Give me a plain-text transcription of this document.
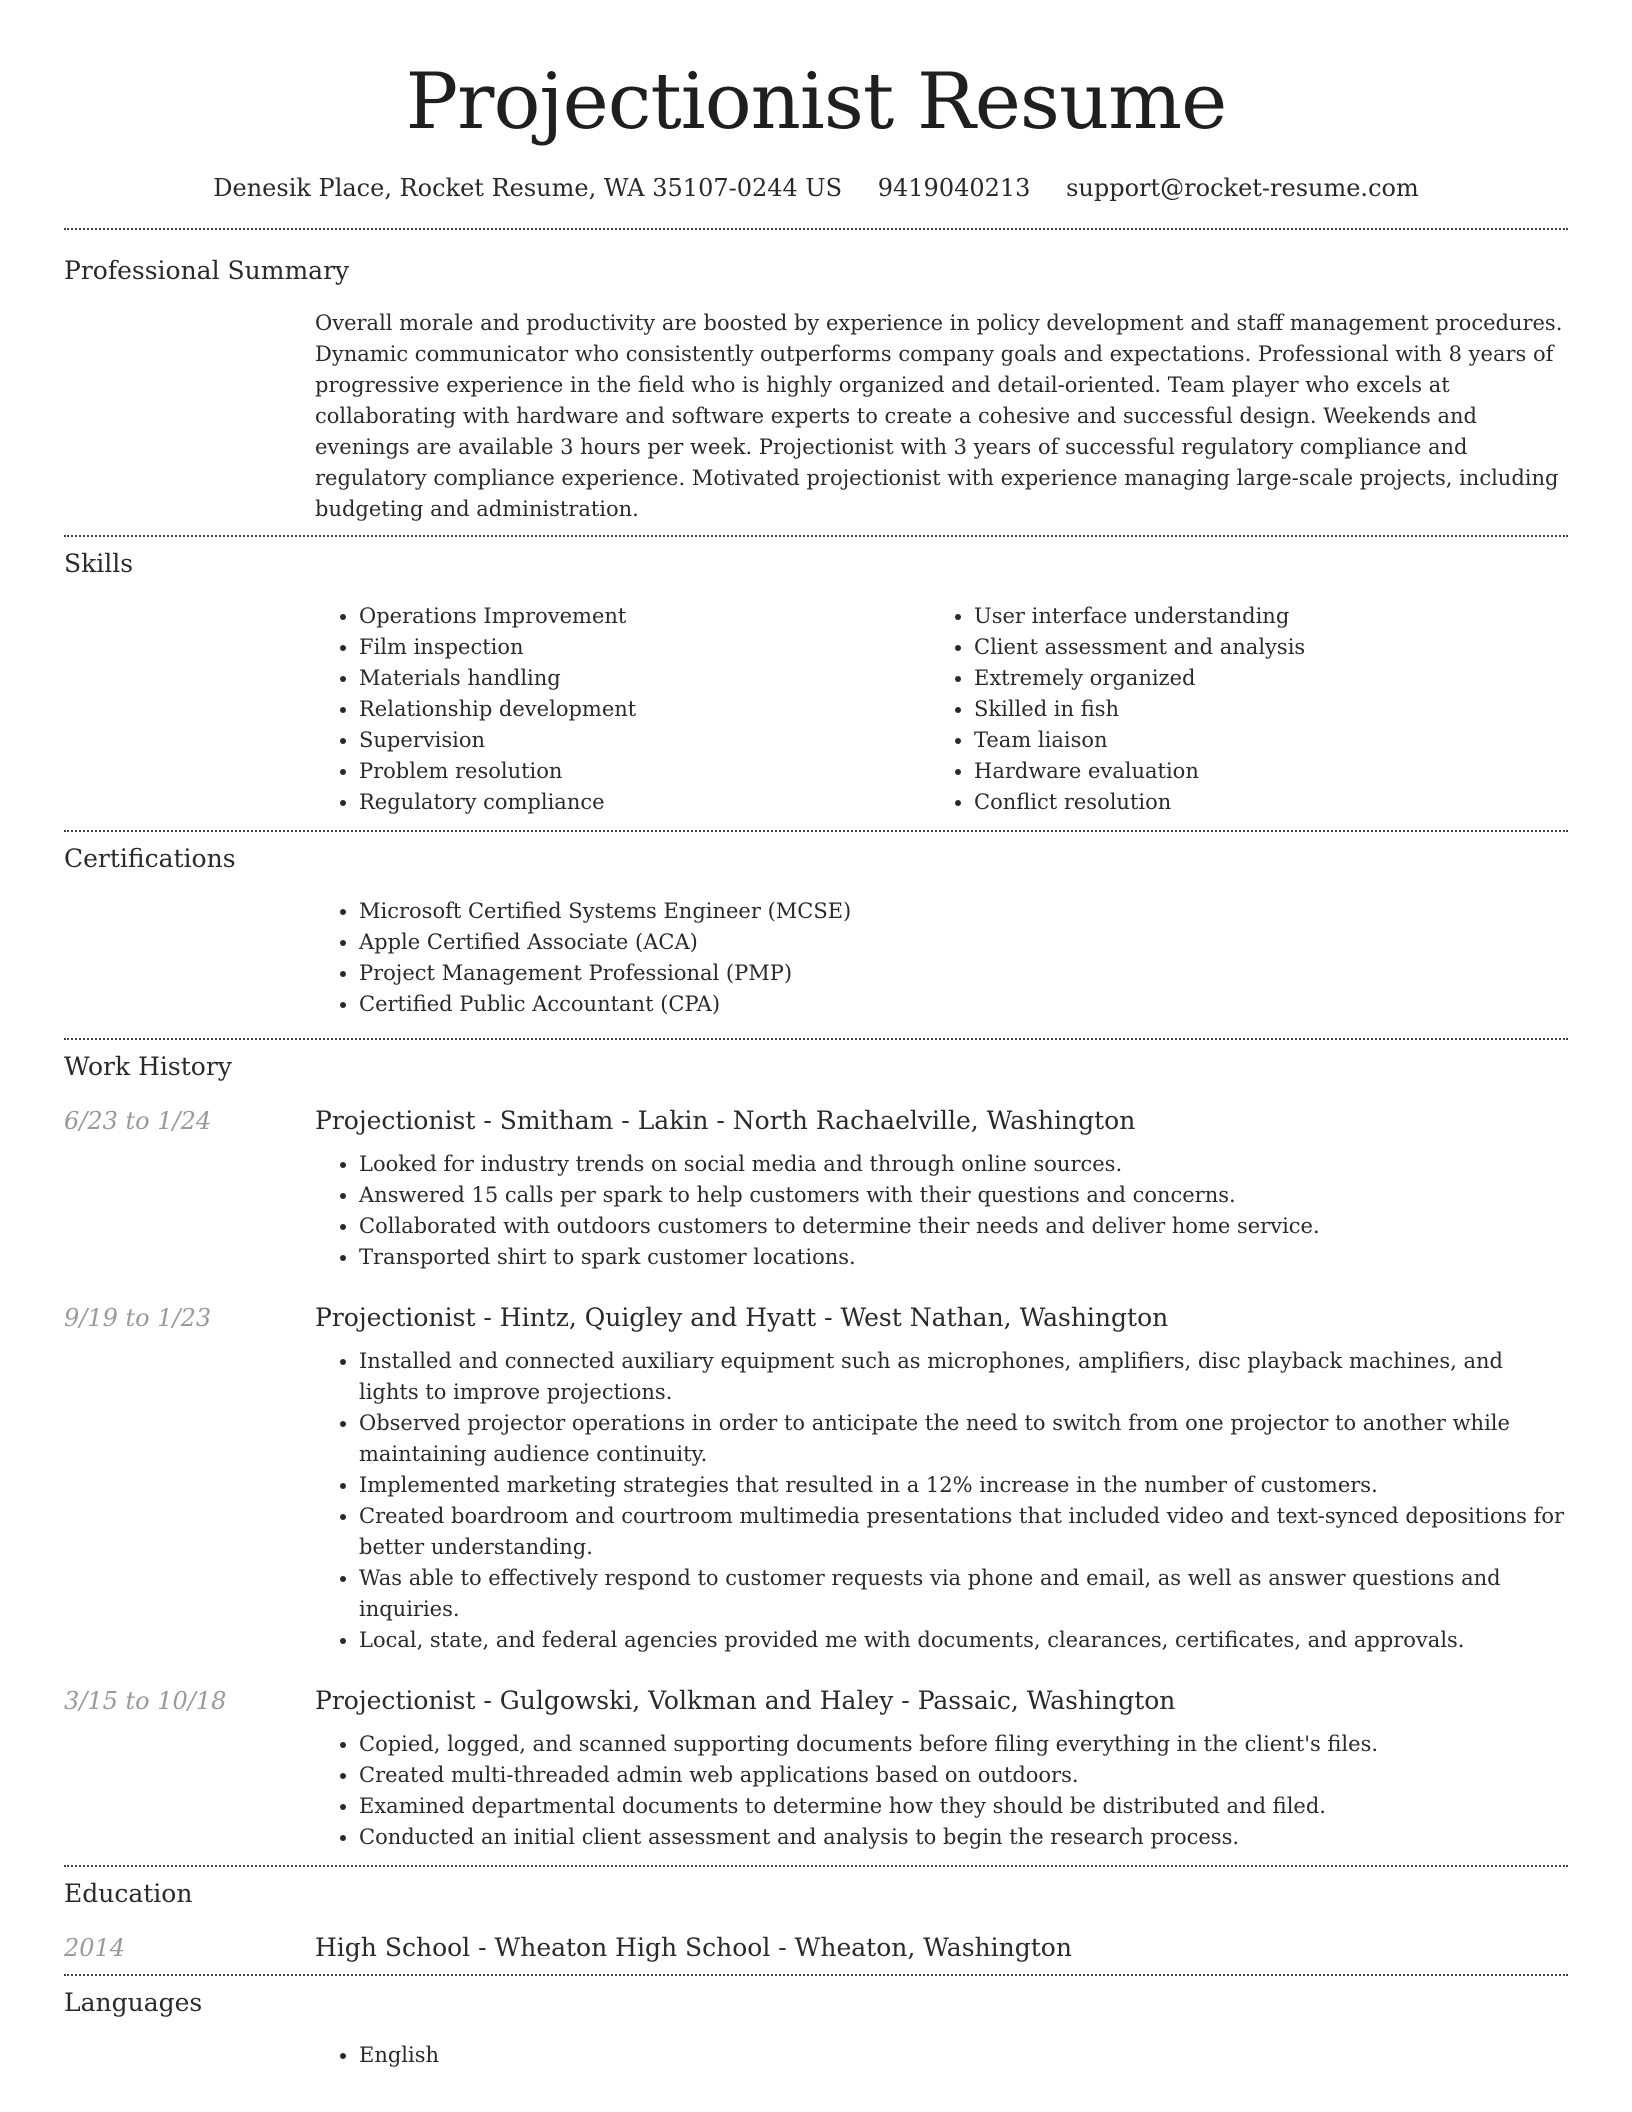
Projectionist Resume
Denesik Place, Rocket Resume, WA 35107-0244 US 9419040213 support@rocket-resume.com
Professional Summary
Overall morale and productivity are boosted by experience in policy development and staff management procedures. Dynamic communicator who consistently outperforms company goals and expectations. Professional with 8 years of progressive experience in the field who is highly organized and detail-oriented. Team player who excels at collaborating with hardware and software experts to create a cohesive and successful design. Weekends and evenings are available 3 hours per week. Projectionist with 3 years of successful regulatory compliance and regulatory compliance experience. Motivated projectionist with experience managing large-scale projects, including budgeting and administration.
Skills
• Operations Improvement
• Film inspection
• Materials handling
• Relationship development
• Supervision
• Problem resolution
• Regulatory compliance
• User interface understanding
• Client assessment and analysis
• Extremely organized
• Skilled in fish
• Team liaison
• Hardware evaluation
• Conflict resolution
Certifications
• Microsoft Certified Systems Engineer (MCSE)
• Apple Certified Associate (ACA)
• Project Management Professional (PMP)
• Certified Public Accountant (CPA)
Work History
6/23 to 1/24	Projectionist - Smitham - Lakin - North Rachaelville, Washington
• Looked for industry trends on social media and through online sources.
• Answered 15 calls per spark to help customers with their questions and concerns.
• Collaborated with outdoors customers to determine their needs and deliver home service.
• Transported shirt to spark customer locations.
9/19 to 1/23	Projectionist - Hintz, Quigley and Hyatt - West Nathan, Washington
• Installed and connected auxiliary equipment such as microphones, amplifiers, disc playback machines, and lights to improve projections.
• Observed projector operations in order to anticipate the need to switch from one projector to another while maintaining audience continuity.
• Implemented marketing strategies that resulted in a 12% increase in the number of customers.
• Created boardroom and courtroom multimedia presentations that included video and text-synced depositions for better understanding.
• Was able to effectively respond to customer requests via phone and email, as well as answer questions and inquiries.
• Local, state, and federal agencies provided me with documents, clearances, certificates, and approvals.
3/15 to 10/18	Projectionist - Gulgowski, Volkman and Haley - Passaic, Washington
• Copied, logged, and scanned supporting documents before filing everything in the client's files.
• Created multi-threaded admin web applications based on outdoors.
• Examined departmental documents to determine how they should be distributed and filed.
• Conducted an initial client assessment and analysis to begin the research process.
Education
2014	High School - Wheaton High School - Wheaton, Washington
Languages
• English
